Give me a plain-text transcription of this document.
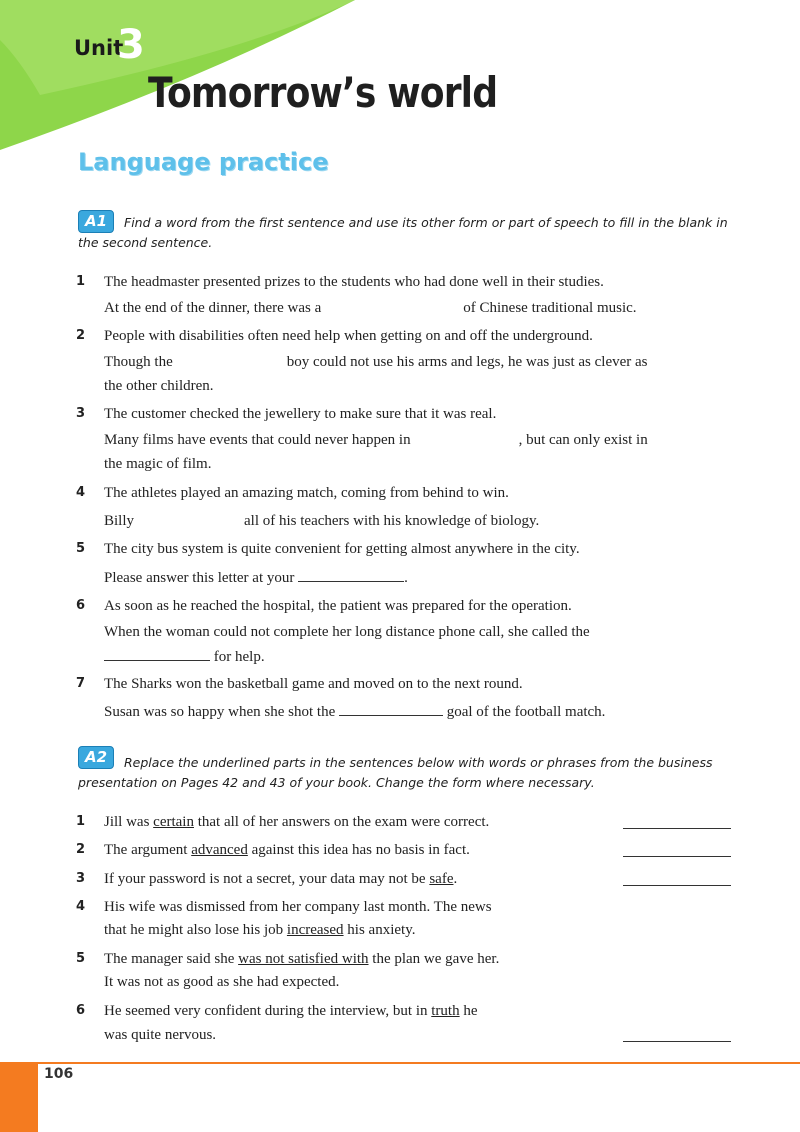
Unit
3
Tomorrow’s world
Language practice
A1	Find a word from the first sentence and use its other form or part of speech to fill in the blank in the second sentence.
1 The headmaster presented prizes to the students who had done well in their studies.
At the end of the dinner, there was a	of Chinese traditional music.
2 People with disabilities often need help when getting on and off the underground.
Though the	boy could not use his arms and legs, he was just as clever as
the other children.
3 The customer checked the jewellery to make sure that it was real.
Many films have events that could never happen in	, but can only exist in
the magic of film.
4 The athletes played an amazing match, coming from behind to win.
Billy	all of his teachers with his knowledge of biology.
5 The city bus system is quite convenient for getting almost anywhere in the city.
Please answer this letter at your	.
6 As soon as he reached the hospital, the patient was prepared for the operation.
When the woman could not complete her long distance phone call, she called the
for help.
7 The Sharks won the basketball game and moved on to the next round.
Susan was so happy when she shot the	goal of the football match.
A2	Replace the underlined parts in the sentences below with words or phrases from the business presentation on Pages 42 and 43 of your book. Change the form where necessary.
1 Jill was certain that all of her answers on the exam were correct.
2 The argument advanced against this idea has no basis in fact.
3 If your password is not a secret, your data may not be safe.
4 His wife was dismissed from her company last month. The news
that he might also lose his job increased his anxiety.
5 The manager said she was not satisfied with the plan we gave her.
It was not as good as she had expected.
6 He seemed very confident during the interview, but in truth he
was quite nervous.
106
